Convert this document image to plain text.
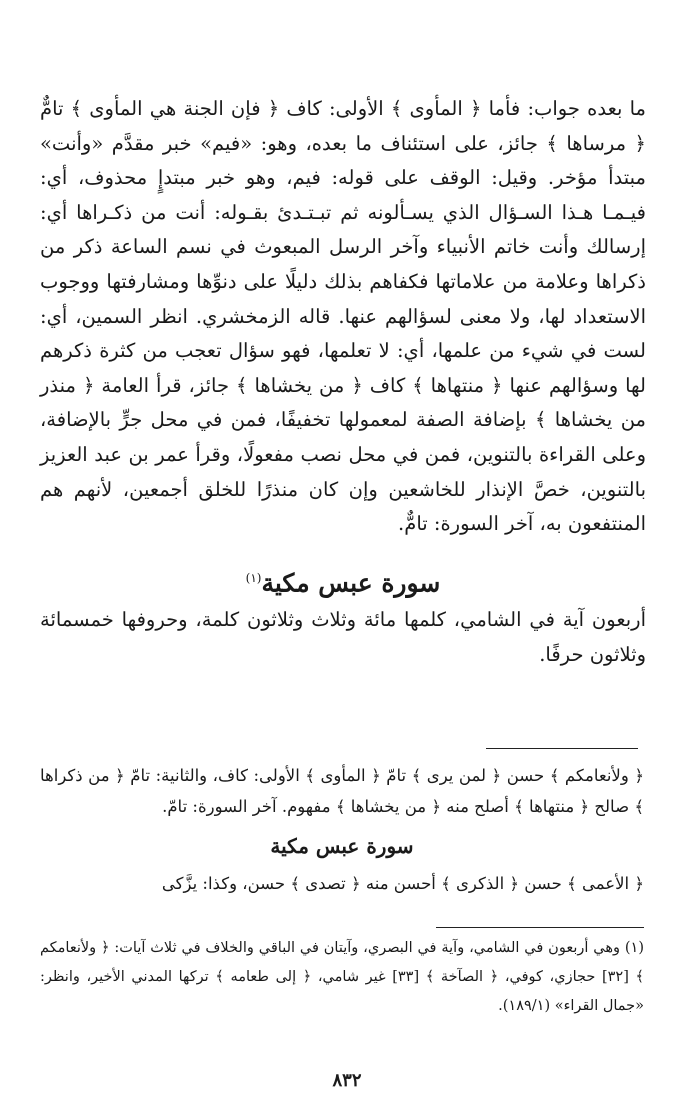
ما بعده جواب: فأما ﴿ المأوى ﴾ الأولى: كاف ﴿ فإن الجنة هي المأوى ﴾ تامٌّ ﴿ مرساها ﴾ جائز، على استئناف ما بعده، وهو: «فيم» خبر مقدَّم «وأنت» مبتدأ مؤخر. وقيل: الوقف على قوله: فيم، وهو خبر مبتدإٍ محذوف، أي: فيـمـا هـذا السـؤال الذي يسـألونه ثم تبـتـدئ بقـوله: أنت من ذكـراها أي: إرسالك وأنت خاتم الأنبياء وآخر الرسل المبعوث في نسم الساعة ذكر من ذكراها وعلامة من علاماتها فكفاهم بذلك دليلًا على دنوِّها ومشارفتها ووجوب الاستعداد لها، ولا معنى لسؤالهم عنها. قاله الزمخشري. انظر السمين، أي: لست في شيء من علمها، أي: لا تعلمها، فهو سؤال تعجب من كثرة ذكرهم لها وسؤالهم عنها ﴿ منتهاها ﴾ كاف ﴿ من يخشاها ﴾ جائز، قرأ العامة ﴿ منذر من يخشاها ﴾ بإضافة الصفة لمعمولها تخفيفًا، فمن في محل جرٍّ بالإضافة، وعلى القراءة بالتنوين، فمن في محل نصب مفعولًا، وقرأ عمر بن عبد العزيز بالتنوين، خصَّ الإنذار للخاشعين وإن كان منذرًا للخلق أجمعين، لأنهم هم المنتفعون به، آخر السورة: تامٌّ.

سورة عبس مكية$^{(١)}$

أربعون آية في الشامي، كلمها مائة وثلاث وثلاثون كلمة، وحروفها خمسمائة وثلاثون حرفًا.

﴿ ولأنعامكم ﴾ حسن ﴿ لمن يرى ﴾ تامّ ﴿ المأوى ﴾ الأولى: كاف، والثانية: تامّ ﴿ من ذكراها ﴾ صالح ﴿ منتهاها ﴾ أصلح منه ﴿ من يخشاها ﴾ مفهوم. آخر السورة: تامّ.

سورة عبس مكية

﴿ الأعمى ﴾ حسن ﴿ الذكرى ﴾ أحسن منه ﴿ تصدى ﴾ حسن، وكذا: يزَّكى

(١) وهي أربعون في الشامي، وآية في البصري، وآيتان في الباقي والخلاف في ثلاث آيات: ﴿ ولأنعامكم ﴾ [٣٢] حجازي، كوفي، ﴿ الصآخة ﴾ [٣٣] غير شامي، ﴿ إلى طعامه ﴾ تركها المدني الأخير، وانظر: «جمال القراء» (١٨٩/١).

٨٣٢
